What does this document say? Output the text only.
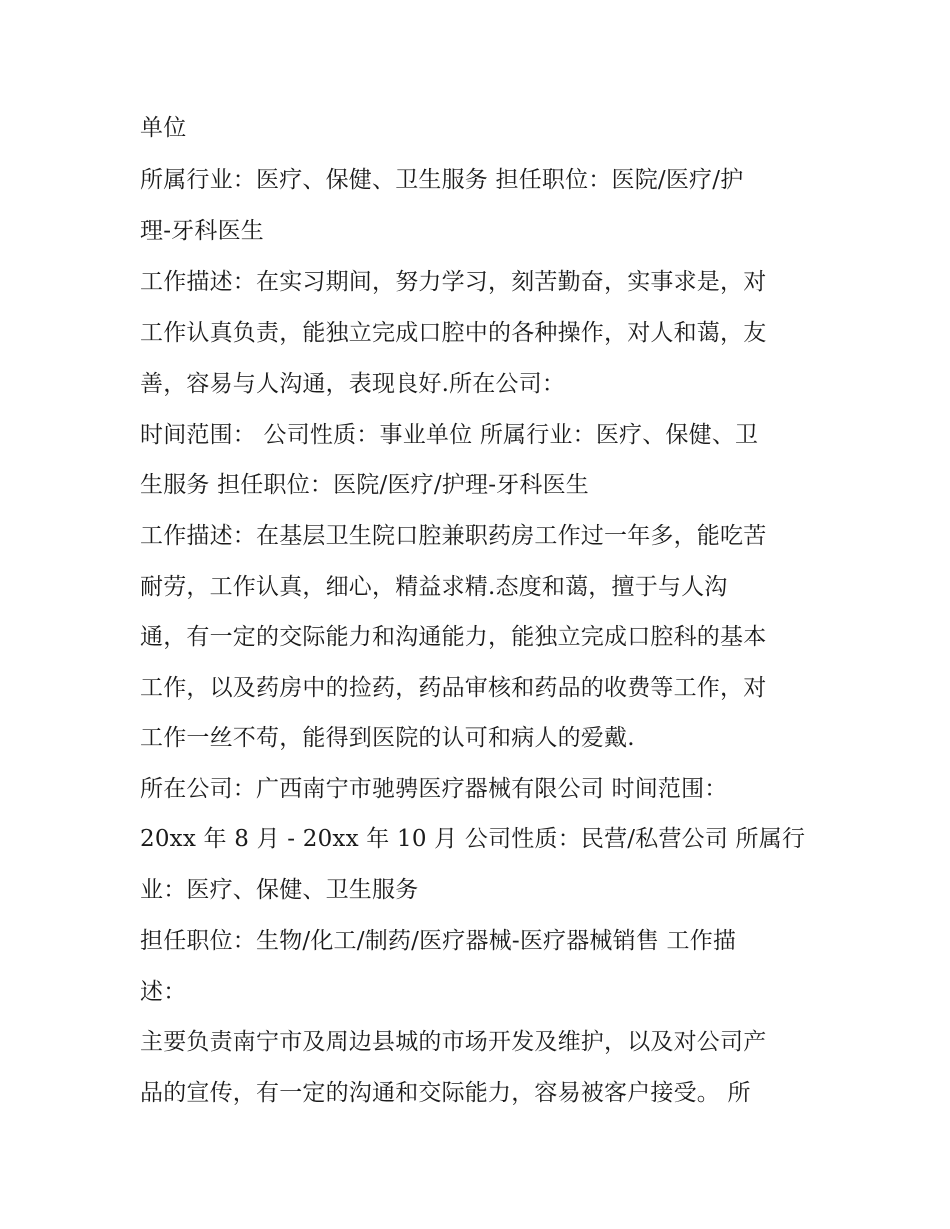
单位
所属行业：医疗、保健、卫生服务 担任职位：医院/医疗/护
理-牙科医生
工作描述：在实习期间，努力学习，刻苦勤奋，实事求是，对
工作认真负责，能独立完成口腔中的各种操作，对人和蔼，友
善，容易与人沟通，表现良好.所在公司：
时间范围： 公司性质：事业单位 所属行业：医疗、保健、卫
生服务 担任职位：医院/医疗/护理-牙科医生
工作描述：在基层卫生院口腔兼职药房工作过一年多，能吃苦
耐劳，工作认真，细心，精益求精.态度和蔼，擅于与人沟
通，有一定的交际能力和沟通能力，能独立完成口腔科的基本
工作，以及药房中的捡药，药品审核和药品的收费等工作，对
工作一丝不苟，能得到医院的认可和病人的爱戴.
所在公司：广西南宁市驰骋医疗器械有限公司 时间范围：
20xx 年 8 月 - 20xx 年 10 月 公司性质：民营/私营公司 所属行
业：医疗、保健、卫生服务
担任职位：生物/化工/制药/医疗器械-医疗器械销售 工作描
述：
主要负责南宁市及周边县城的市场开发及维护，以及对公司产
品的宣传，有一定的沟通和交际能力，容易被客户接受。 所
